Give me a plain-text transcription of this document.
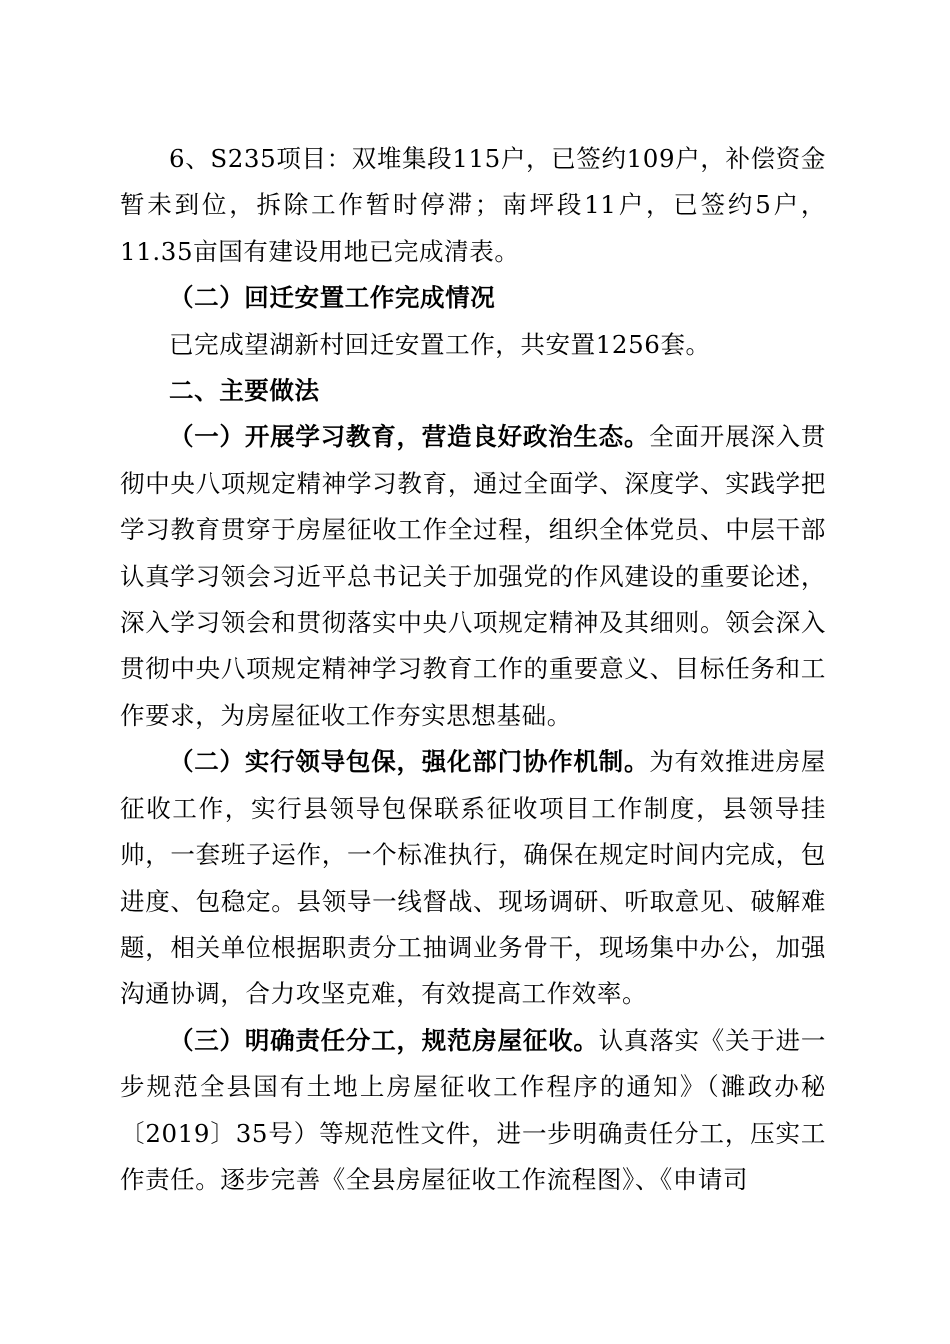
6、S235项目：双堆集段115户，已签约109户，补偿资金暂未到位，拆除工作暂时停滞；南坪段11户，已签约5户，11.35亩国有建设用地已完成清表。

（二）回迁安置工作完成情况

已完成望湖新村回迁安置工作，共安置1256套。

二、主要做法

（一）开展学习教育，营造良好政治生态。全面开展深入贯彻中央八项规定精神学习教育，通过全面学、深度学、实践学把学习教育贯穿于房屋征收工作全过程，组织全体党员、中层干部认真学习领会习近平总书记关于加强党的作风建设的重要论述，深入学习领会和贯彻落实中央八项规定精神及其细则。领会深入贯彻中央八项规定精神学习教育工作的重要意义、目标任务和工作要求，为房屋征收工作夯实思想基础。

（二）实行领导包保，强化部门协作机制。为有效推进房屋征收工作，实行县领导包保联系征收项目工作制度，县领导挂帅，一套班子运作，一个标准执行，确保在规定时间内完成，包进度、包稳定。县领导一线督战、现场调研、听取意见、破解难题，相关单位根据职责分工抽调业务骨干，现场集中办公，加强沟通协调，合力攻坚克难，有效提高工作效率。

（三）明确责任分工，规范房屋征收。认真落实《关于进一步规范全县国有土地上房屋征收工作程序的通知》（濉政办秘〔2019〕35号）等规范性文件，进一步明确责任分工，压实工作责任。逐步完善《全县房屋征收工作流程图》、《申请司
